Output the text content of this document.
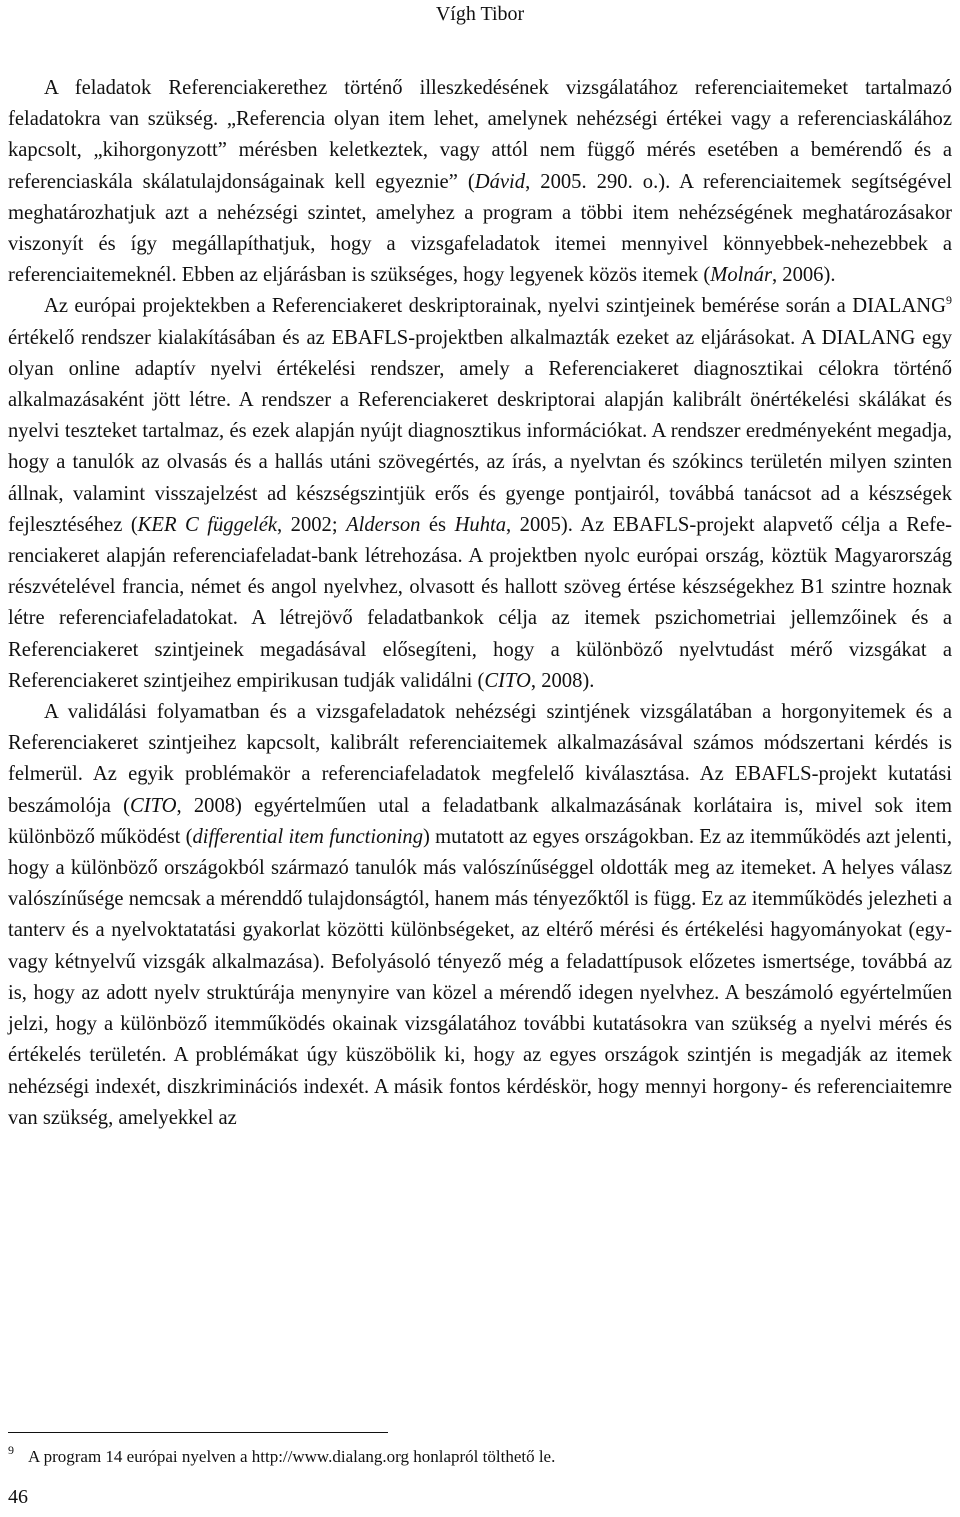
Vígh Tibor

A feladatok Referenciakerethez történő illeszkedésének vizsgálatához referenciaitemeket tartalmazó feladatokra van szükség. „Referencia olyan item lehet, amelynek nehézségi értékei vagy a referenciaskálához kapcsolt, „kihorgonyzott” mérésben keletkeztek, vagy attól nem függő mérés esetében a bemérendő és a referenciaskála skálatulajdonságainak kell egyeznie” (Dávid, 2005. 290. o.). A referenciaitemek segítségével meghatározhatjuk azt a nehézségi szintet, amelyhez a program a többi item nehézségének meghatározásakor viszonyít és így megállapíthatjuk, hogy a vizsgafeladatok itemei mennyivel könnyebbek-nehezebbek a referenciaitemeknél. Ebben az eljárásban is szükséges, hogy legyenek közös itemek (Molnár, 2006).

Az európai projektekben a Referenciakeret deskriptorainak, nyelvi szintjeinek bemérése során a DIALANG$^9$ értékelő rendszer kialakításában és az EBAFLS-projektben alkalmazták ezeket az eljárásokat. A DIALANG egy olyan online adaptív nyelvi értékelési rendszer, amely a Referenciakeret diagnosztikai célokra történő alkalmazásaként jött létre. A rendszer a Referenciakeret deskriptorai alapján kalibrált önértékelési skálákat és nyelvi teszteket tartalmaz, és ezek alapján nyújt diagnosztikus információkat. A rendszer eredményeként megadja, hogy a tanulók az olvasás és a hallás utáni szövegértés, az írás, a nyelvtan és szókincs területén milyen szinten állnak, valamint visszajelzést ad készségszintjük erős és gyenge pontjairól, továbbá tanácsot ad a készségek fejlesztéséhez (KER C függelék, 2002; Alderson és Huhta, 2005). Az EBAFLS-projekt alapvető célja a Referenciakeret alapján referenciafeladat-bank létrehozása. A projektben nyolc európai ország, köztük Magyarország részvételével francia, német és angol nyelvhez, olvasott és hallott szöveg értése készségekhez B1 szintre hoznak létre referenciafeladatokat. A létrejövő feladatbankok célja az itemek pszichometriai jellemzőinek és a Referenciakeret szintjeinek megadásával elősegíteni, hogy a különböző nyelvtudást mérő vizsgákat a Referenciakeret szintjeihez empirikusan tudják validálni (CITO, 2008).

A validálási folyamatban és a vizsgafeladatok nehézségi szintjének vizsgálatában a horgonyitemek és a Referenciakeret szintjeihez kapcsolt, kalibrált referenciaitemek alkalmazásával számos módszertani kérdés is felmerül. Az egyik problémakör a referenciafeladatok megfelelő kiválasztása. Az EBAFLS-projekt kutatási beszámolója (CITO, 2008) egyértelműen utal a feladatbank alkalmazásának korlátaira is, mivel sok item különböző működést (differential item functioning) mutatott az egyes országokban. Ez az itemműködés azt jelenti, hogy a különböző országokból származó tanulók más valószínűséggel oldották meg az itemeket. A helyes válasz valószínűsége nemcsak a mérenddő tulajdonságtól, hanem más tényezőktől is függ. Ez az itemműködés jelezheti a tanterv és a nyelvoktatatási gyakorlat közötti különbségeket, az eltérő mérési és értékelési hagyományokat (egy- vagy kétnyelvű vizsgák alkalmazása). Befolyásoló tényező még a feladattípusok előzetes ismertsége, továbbá az is, hogy az adott nyelv struktúrája menynyire van közel a mérendő idegen nyelvhez. A beszámoló egyértelműen jelzi, hogy a különböző itemműködés okainak vizsgálatához további kutatásokra van szükség a nyelvi mérés és értékelés területén. A problémákat úgy küszöbölik ki, hogy az egyes országok szintjén is megadják az itemek nehézségi indexét, diszkriminációs indexét. A másik fontos kérdéskör, hogy mennyi horgony- és referenciaitemre van szükség, amelyekkel az

9 A program 14 európai nyelven a http://www.dialang.org honlapról tölthető le.
46
